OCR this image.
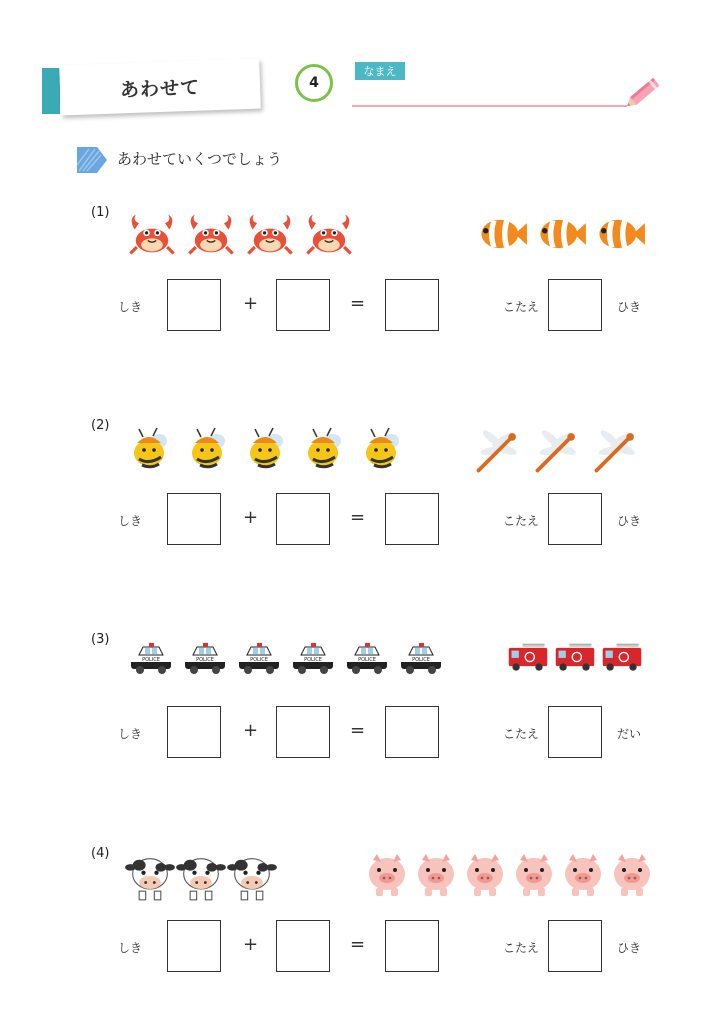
あわせて	4
なまえ
あわせていくつでしょう
(1)
しき	+	=	こたえ	ひき
(2)
しき	+	=	こたえ	ひき
(3)
POLICE	POLICE	POLICE	POLICE	POLICE	POLICE
しき	+	=	こたえ	だい
(4)
しき	+	=	こたえ	ひき
